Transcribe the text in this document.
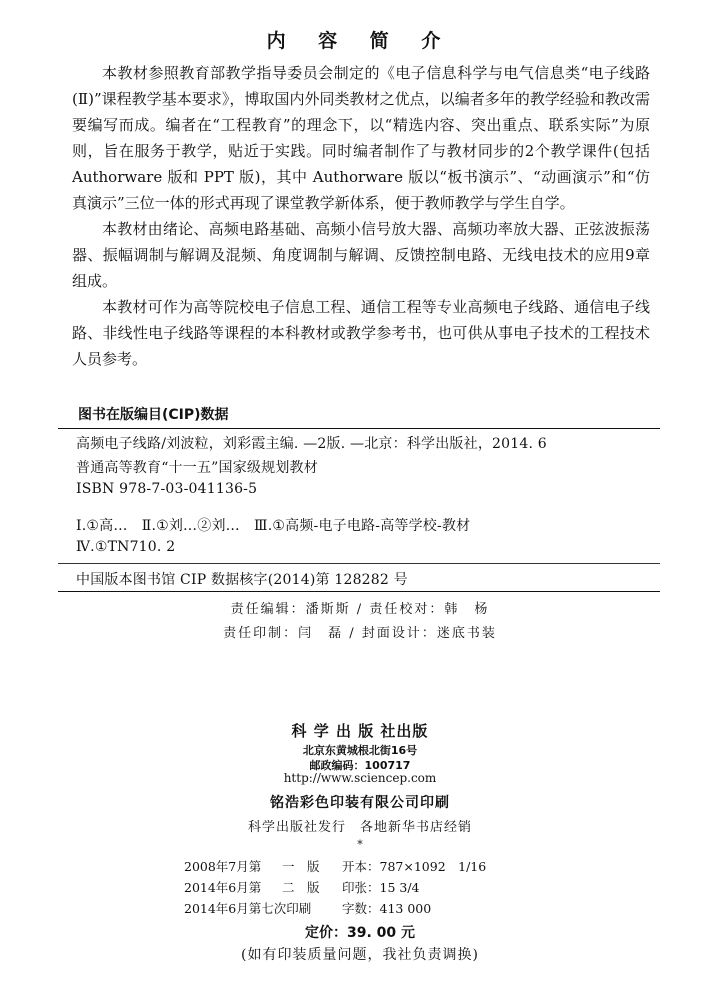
内 容 简 介

本教材参照教育部教学指导委员会制定的《电子信息科学与电气信息类“电子线路(Ⅱ)”课程教学基本要求》，博取国内外同类教材之优点，以编者多年的教学经验和教改需要编写而成。编者在“工程教育”的理念下，以“精选内容、突出重点、联系实际”为原则，旨在服务于教学，贴近于实践。同时编者制作了与教材同步的2个教学课件(包括 Authorware 版和 PPT 版)，其中 Authorware 版以“板书演示”、“动画演示”和“仿真演示”三位一体的形式再现了课堂教学新体系，便于教师教学与学生自学。

本教材由绪论、高频电路基础、高频小信号放大器、高频功率放大器、正弦波振荡器、振幅调制与解调及混频、角度调制与解调、反馈控制电路、无线电技术的应用9章组成。

本教材可作为高等院校电子信息工程、通信工程等专业高频电子线路、通信电子线路、非线性电子线路等课程的本科教材或教学参考书，也可供从事电子技术的工程技术人员参考。

图书在版编目(CIP)数据
高频电子线路/刘波粒，刘彩霞主编. —2版. —北京：科学出版社，2014. 6
普通高等教育“十一五”国家级规划教材
ISBN 978-7-03-041136-5
Ⅰ.①高…　Ⅱ.①刘…②刘…　Ⅲ.①高频-电子电路-高等学校-教材
Ⅳ.①TN710. 2
中国版本图书馆 CIP 数据核字(2014)第 128282 号
责任编辑：潘斯斯 / 责任校对：韩　杨
责任印制：闫　磊 / 封面设计：迷底书装
科 学 出 版 社出版
北京东黄城根北街16号
邮政编码：100717
http://www.sciencep.com
铭浩彩色印装有限公司印刷
科学出版社发行　各地新华书店经销
*
2008年7月第 一　版 开本：787×1092　1/16
2014年6月第 二　版 印张：15 3/4
2014年6月第七次印刷 字数：413 000
定价：39. 00 元
(如有印装质量问题，我社负责调换)
